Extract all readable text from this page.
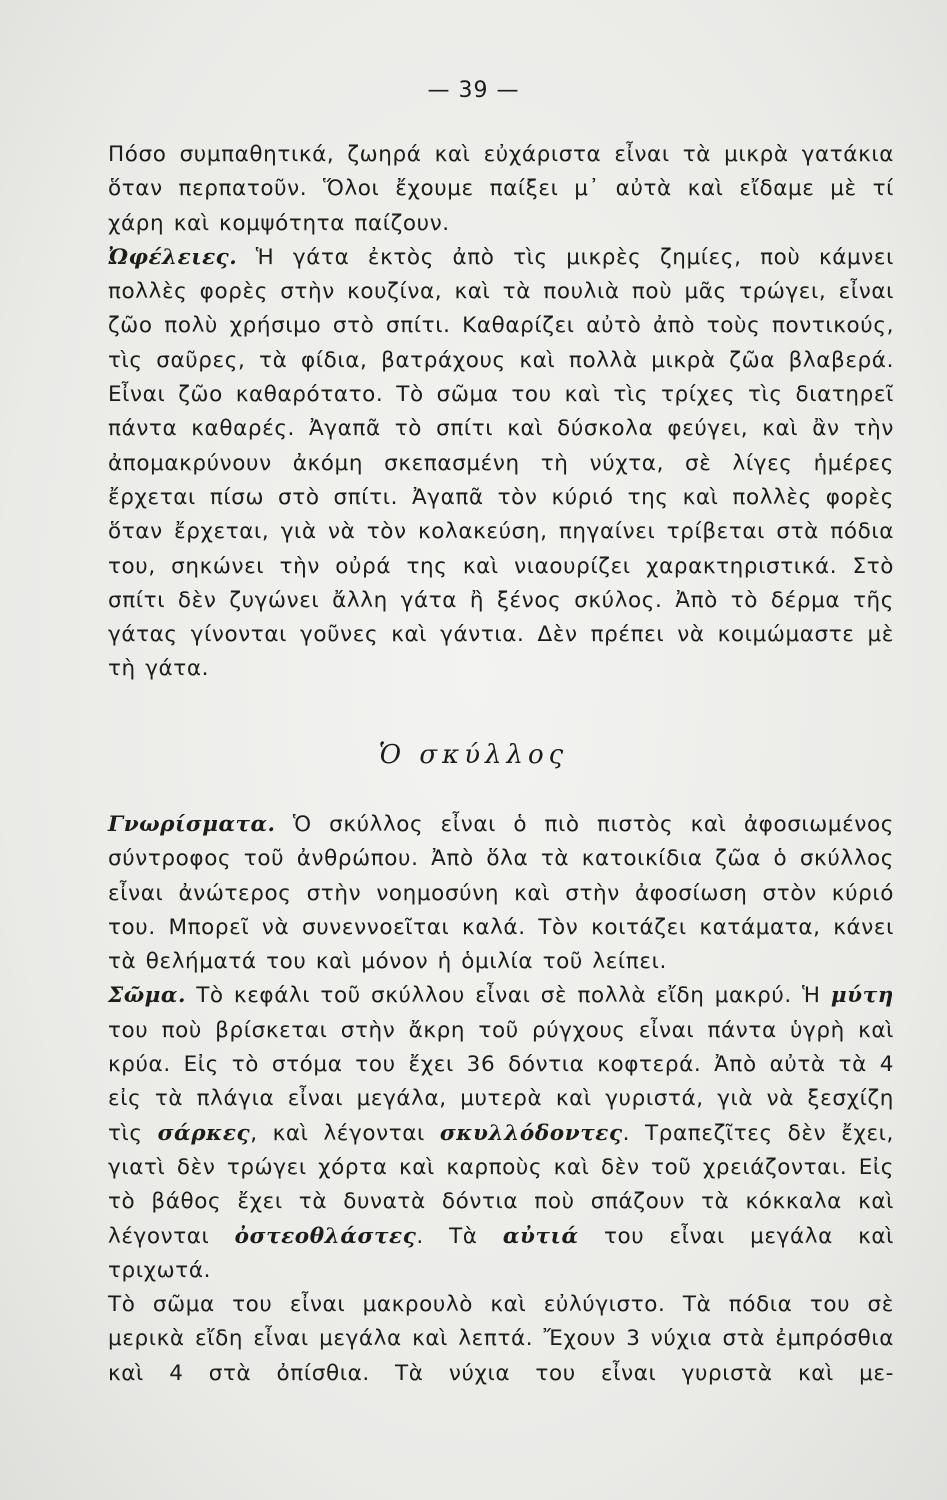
— 39 —

Πόσο συμπαθητικά, ζωηρά καὶ εὐχάριστα εἶναι τὰ μικρὰ γατάκια ὅταν περπατοῦν. Ὅλοι ἔχουμε παίξει μ᾽ αὐτὰ καὶ εἴδαμε μὲ τί χάρη καὶ κομψότητα παίζουν.

Ὠφέλειες. Ἡ γάτα ἐκτὸς ἀπὸ τὶς μικρὲς ζημίες, ποὺ κάμνει πολλὲς φορὲς στὴν κουζίνα, καὶ τὰ πουλιὰ ποὺ μᾶς τρώγει, εἶναι ζῶο πολὺ χρήσιμο στὸ σπίτι. Καθαρίζει αὐτὸ ἀπὸ τοὺς ποντικούς, τὶς σαῦρες, τὰ φίδια, βατράχους καὶ πολλὰ μικρὰ ζῶα βλαβερά. Εἶναι ζῶο καθαρότατο. Τὸ σῶμα του καὶ τὶς τρίχες τὶς διατηρεῖ πάντα καθαρές. Ἀγαπᾶ τὸ σπίτι καὶ δύσκολα φεύγει, καὶ ἂν τὴν ἀπομακρύνουν ἀκόμη σκεπασμένη τὴ νύχτα, σὲ λίγες ἡμέρες ἔρχεται πίσω στὸ σπίτι. Ἀγαπᾶ τὸν κύριό της καὶ πολλὲς φορὲς ὅταν ἔρχεται, γιὰ νὰ τὸν κολακεύση, πηγαίνει τρίβεται στὰ πόδια του, σηκώνει τὴν οὐρά της καὶ νιαουρίζει χαρακτηριστικά. Στὸ σπίτι δὲν ζυγώνει ἄλλη γάτα ἢ ξένος σκύλος. Ἀπὸ τὸ δέρμα τῆς γάτας γίνονται γοῦνες καὶ γάντια. Δὲν πρέπει νὰ κοιμώμαστε μὲ τὴ γάτα.

Ὁ σκύλλος

Γνωρίσματα. Ὁ σκύλλος εἶναι ὁ πιὸ πιστὸς καὶ ἀφοσιωμένος σύντροφος τοῦ ἀνθρώπου. Ἀπὸ ὅλα τὰ κατοικίδια ζῶα ὁ σκύλλος εἶναι ἀνώτερος στὴν νοημοσύνη καὶ στὴν ἀφοσίωση στὸν κύριό του. Μπορεῖ νὰ συνεννοεῖται καλά. Τὸν κοιτάζει κατάματα, κάνει τὰ θελήματά του καὶ μόνον ἡ ὁμιλία τοῦ λείπει.

Σῶμα. Τὸ κεφάλι τοῦ σκύλλου εἶναι σὲ πολλὰ εἴδη μακρύ. Ἡ μύτη του ποὺ βρίσκεται στὴν ἄκρη τοῦ ρύγχους εἶναι πάντα ὑγρὴ καὶ κρύα. Εἰς τὸ στόμα του ἔχει 36 δόντια κοφτερά. Ἀπὸ αὐτὰ τὰ 4 εἰς τὰ πλάγια εἶναι μεγάλα, μυτερὰ καὶ γυριστά, γιὰ νὰ ξεσχίζη τὶς σάρκες, καὶ λέγονται σκυλλόδοντες. Τραπεζῖτες δὲν ἔχει, γιατὶ δὲν τρώγει χόρτα καὶ καρποὺς καὶ δὲν τοῦ χρειάζονται. Εἰς τὸ βάθος ἔχει τὰ δυνατὰ δόντια ποὺ σπάζουν τὰ κόκκαλα καὶ λέγονται ὀστεοθλάστες. Τὰ αὐτιά του εἶναι μεγάλα καὶ τριχωτά.

Τὸ σῶμα του εἶναι μακρουλὸ καὶ εὐλύγιστο. Τὰ πόδια του σὲ μερικὰ εἴδη εἶναι μεγάλα καὶ λεπτά. Ἔχουν 3 νύχια στὰ ἐμπρόσθια καὶ 4 στὰ ὀπίσθια. Τὰ νύχια του εἶναι γυριστὰ καὶ με-
